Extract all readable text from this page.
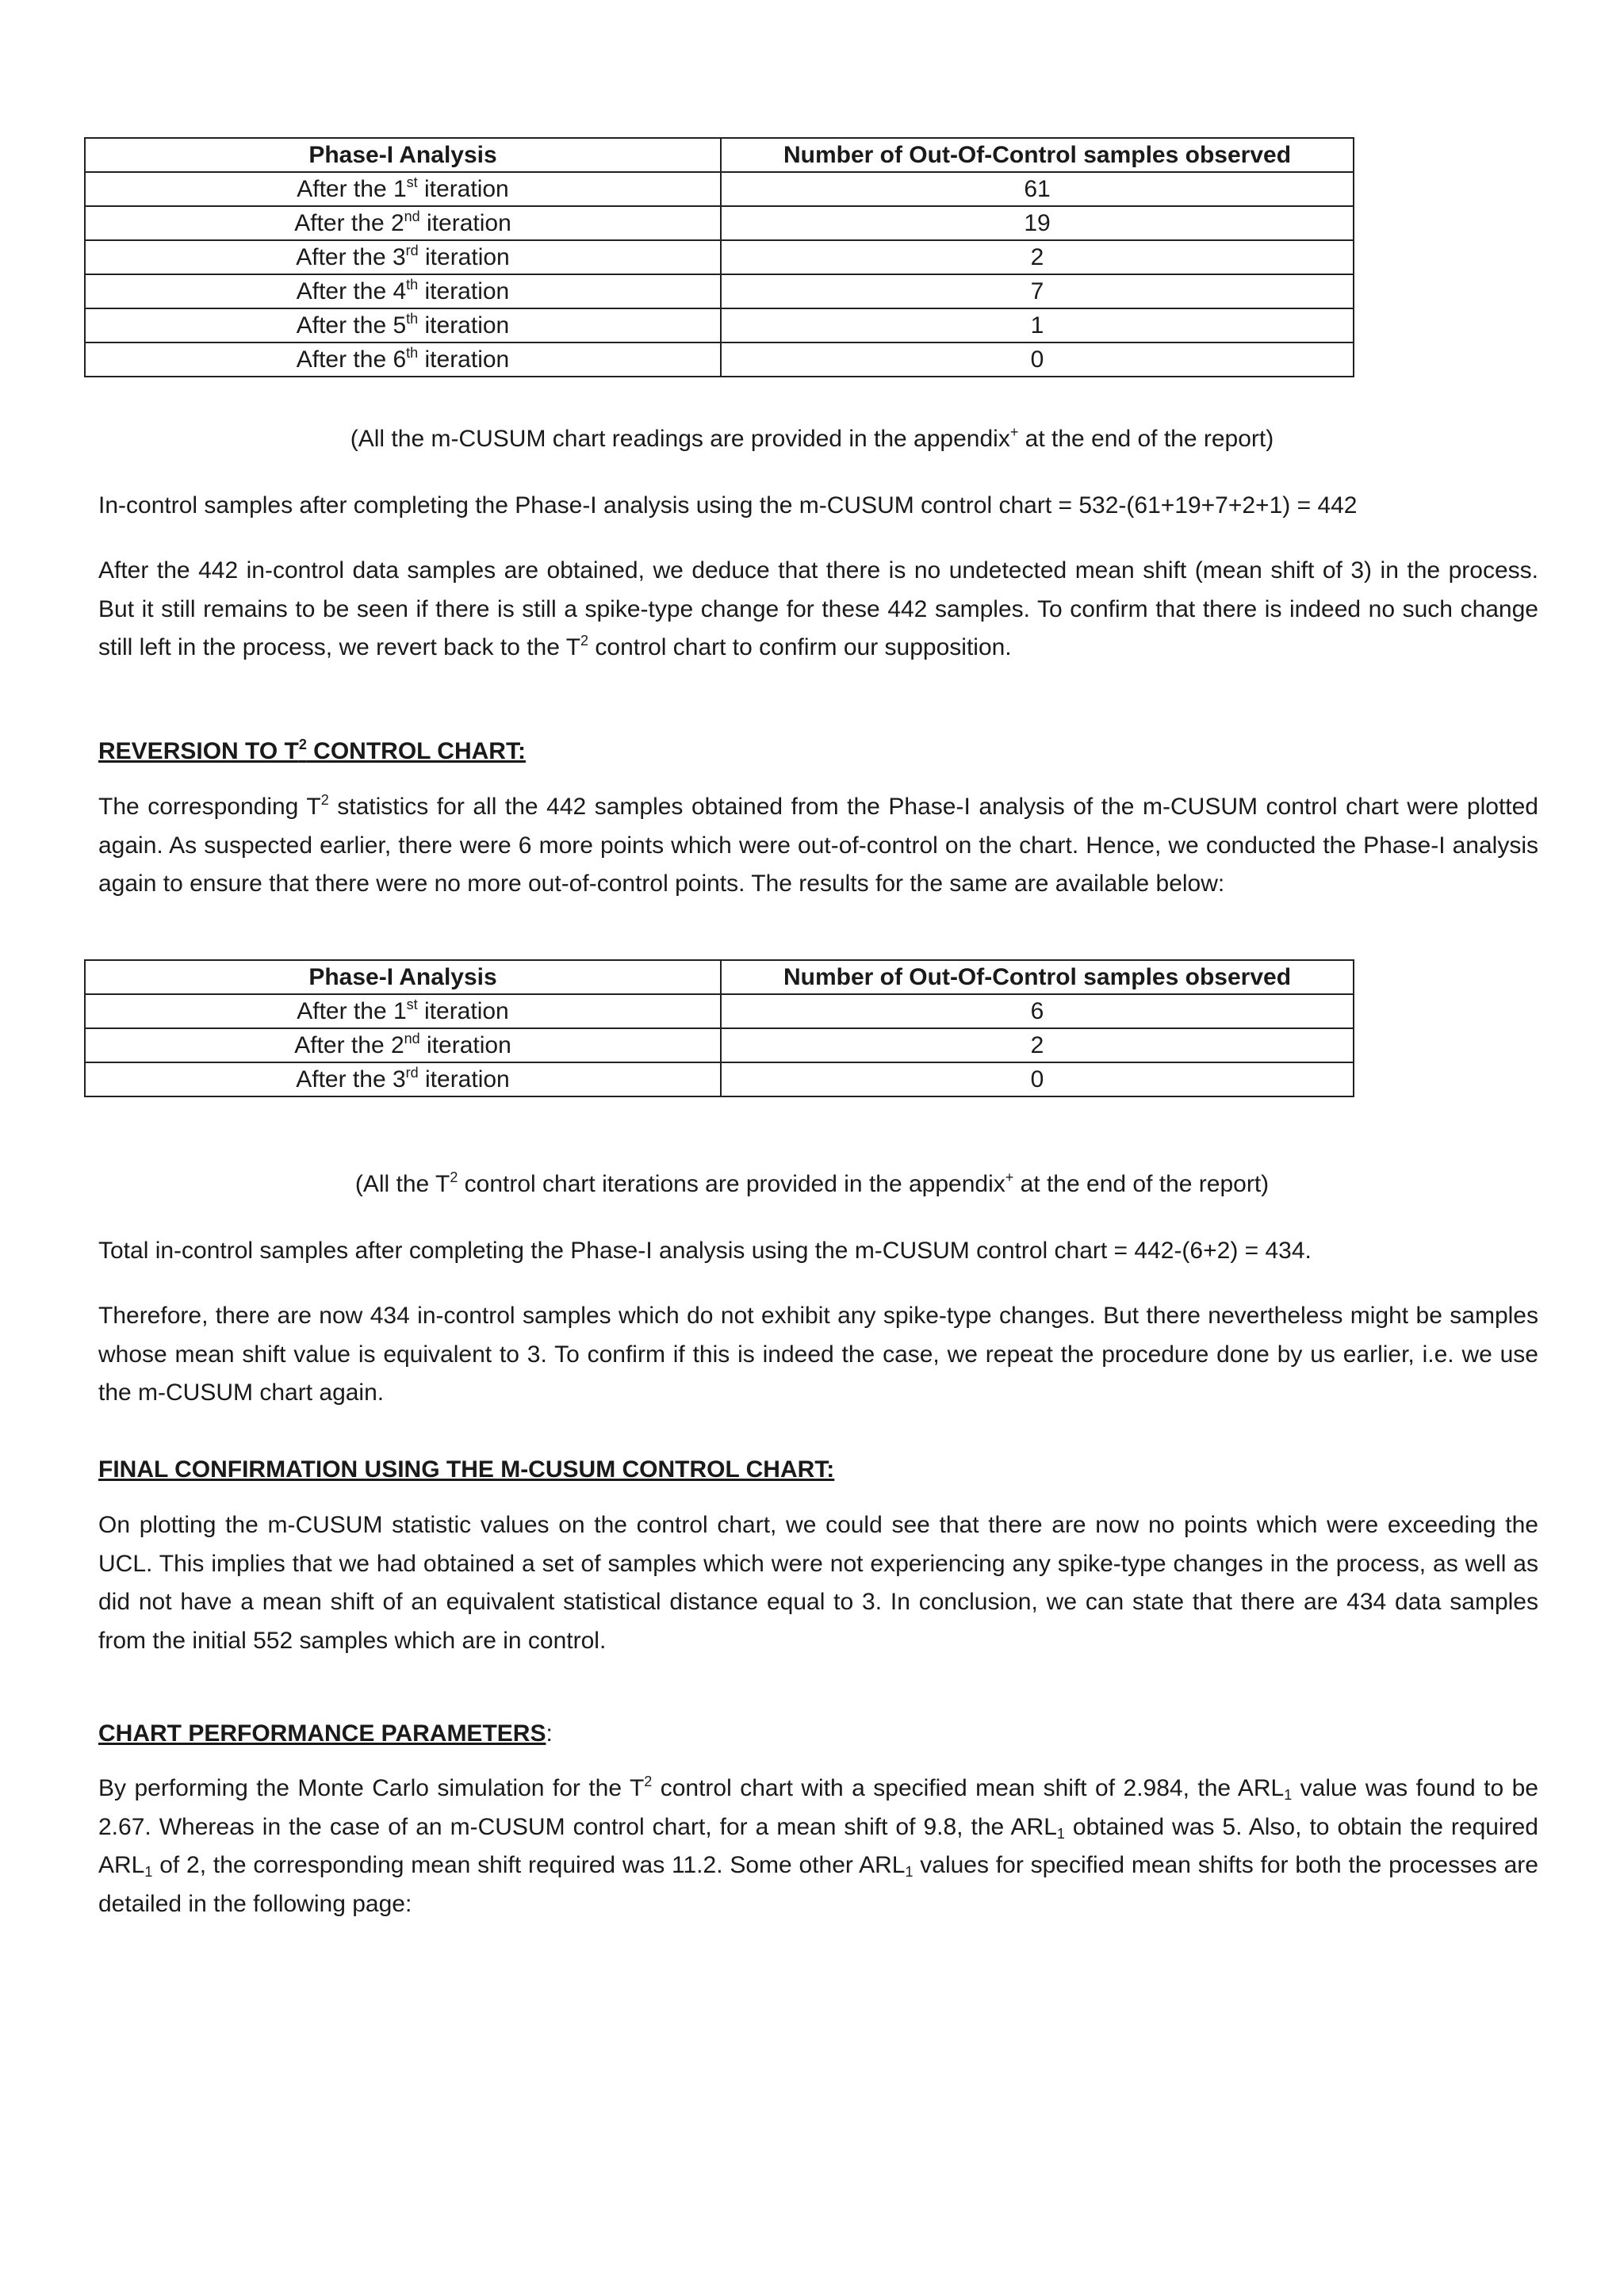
Phase-I Analysis	Number of Out-Of-Control samples observed
After the 1st iteration	61
After the 2nd iteration	19
After the 3rd iteration	2
After the 4th iteration	7
After the 5th iteration	1
After the 6th iteration	0

(All the m-CUSUM chart readings are provided in the appendix+ at the end of the report)

In-control samples after completing the Phase-I analysis using the m-CUSUM control chart = 532-(61+19+7+2+1) = 442

After the 442 in-control data samples are obtained, we deduce that there is no undetected mean shift (mean shift of 3) in the process. But it still remains to be seen if there is still a spike-type change for these 442 samples. To confirm that there is indeed no such change still left in the process, we revert back to the $T^2$ control chart to confirm our supposition.

REVERSION TO $T^2$ CONTROL CHART:

The corresponding $T^2$ statistics for all the 442 samples obtained from the Phase-I analysis of the m-CUSUM control chart were plotted again. As suspected earlier, there were 6 more points which were out-of-control on the chart. Hence, we conducted the Phase-I analysis again to ensure that there were no more out-of-control points. The results for the same are available below:

Phase-I Analysis	Number of Out-Of-Control samples observed
After the 1st iteration	6
After the 2nd iteration	2
After the 3rd iteration	0

(All the $T^2$ control chart iterations are provided in the appendix+ at the end of the report)

Total in-control samples after completing the Phase-I analysis using the m-CUSUM control chart = 442-(6+2) = 434.

Therefore, there are now 434 in-control samples which do not exhibit any spike-type changes. But there nevertheless might be samples whose mean shift value is equivalent to 3. To confirm if this is indeed the case, we repeat the procedure done by us earlier, i.e. we use the m-CUSUM chart again.

FINAL CONFIRMATION USING THE M-CUSUM CONTROL CHART:

On plotting the m-CUSUM statistic values on the control chart, we could see that there are now no points which were exceeding the UCL. This implies that we had obtained a set of samples which were not experiencing any spike-type changes in the process, as well as did not have a mean shift of an equivalent statistical distance equal to 3. In conclusion, we can state that there are 434 data samples from the initial 552 samples which are in control.

CHART PERFORMANCE PARAMETERS:

By performing the Monte Carlo simulation for the $T^2$ control chart with a specified mean shift of 2.984, the $ARL_1$ value was found to be 2.67. Whereas in the case of an m-CUSUM control chart, for a mean shift of 9.8, the $ARL_1$ obtained was 5. Also, to obtain the required $ARL_1$ of 2, the corresponding mean shift required was 11.2. Some other $ARL_1$ values for specified mean shifts for both the processes are detailed in the following page:
